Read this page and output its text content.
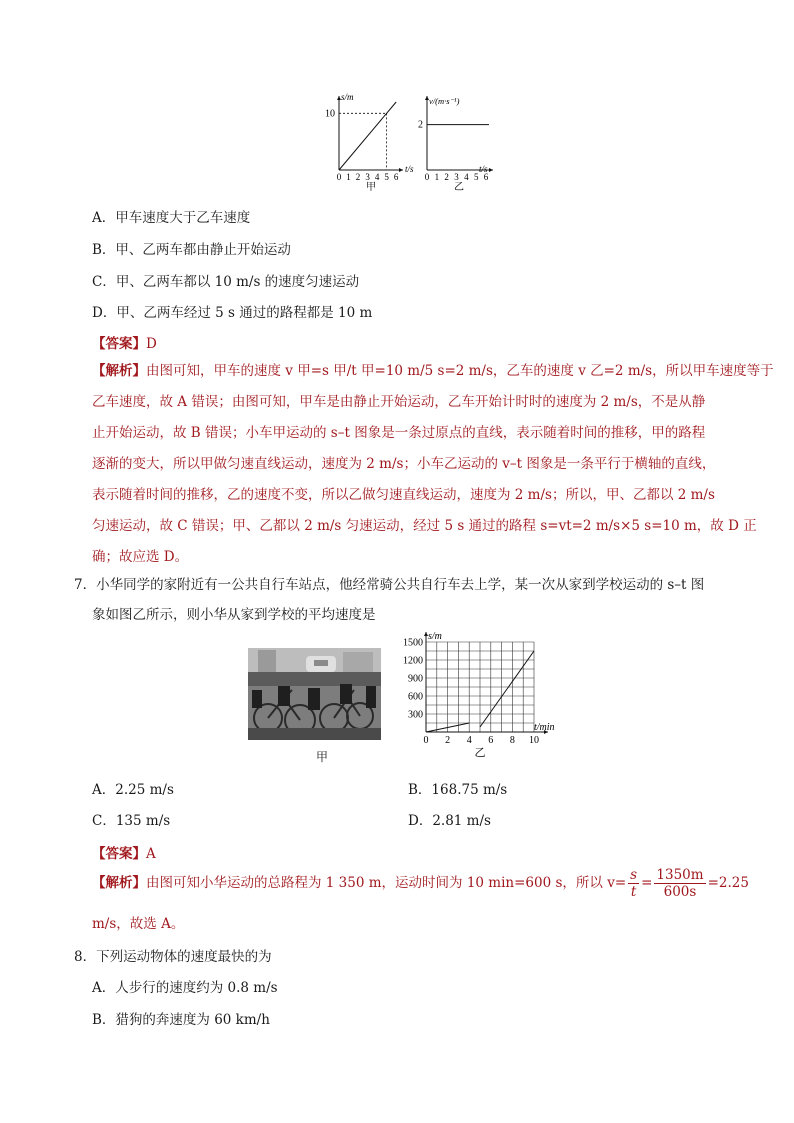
s/m
10
0 1 2 3 4 5 6
t/s
甲
v/(m·s⁻¹)
2
0 1 2 3 4 5 6
t/s
乙
A．甲车速度大于乙车速度
B．甲、乙两车都由静止开始运动
C．甲、乙两车都以 10 m/s 的速度匀速运动
D．甲、乙两车经过 5 s 通过的路程都是 10 m
【答案】D
【解析】由图可知，甲车的速度 v 甲=s 甲/t 甲=10 m/5 s=2 m/s，乙车的速度 v 乙=2 m/s，所以甲车速度等于
乙车速度，故 A 错误；由图可知，甲车是由静止开始运动，乙车开始计时时的速度为 2 m/s，不是从静
止开始运动，故 B 错误；小车甲运动的 s–t 图象是一条过原点的直线，表示随着时间的推移，甲的路程
逐渐的变大，所以甲做匀速直线运动，速度为 2 m/s；小车乙运动的 v–t 图象是一条平行于横轴的直线，
表示随着时间的推移，乙的速度不变，所以乙做匀速直线运动，速度为 2 m/s；所以，甲、乙都以 2 m/s
匀速运动，故 C 错误；甲、乙都以 2 m/s 匀速运动，经过 5 s 通过的路程 s=vt=2 m/s×5 s=10 m，故 D 正
确；故应选 D。
7．小华同学的家附近有一公共自行车站点，他经常骑公共自行车去上学，某一次从家到学校运动的 s–t 图
象如图乙所示，则小华从家到学校的平均速度是
甲
s/m
300
600
900
1200
1500
0 2 4 6 8 10
t/min
乙
A．2.25 m/s	B．168.75 m/s
C．135 m/s	D．2.81 m/s
【答案】A
【解析】由图可知小华运动的总路程为 1 350 m，运动时间为 10 min=600 s，所以 $v= \frac{s}{t} = \frac{1350m}{600s} =2.25$
m/s，故选 A。
8．下列运动物体的速度最快的为
A．人步行的速度约为 0.8 m/s
B．猎狗的奔速度为 60 km/h
